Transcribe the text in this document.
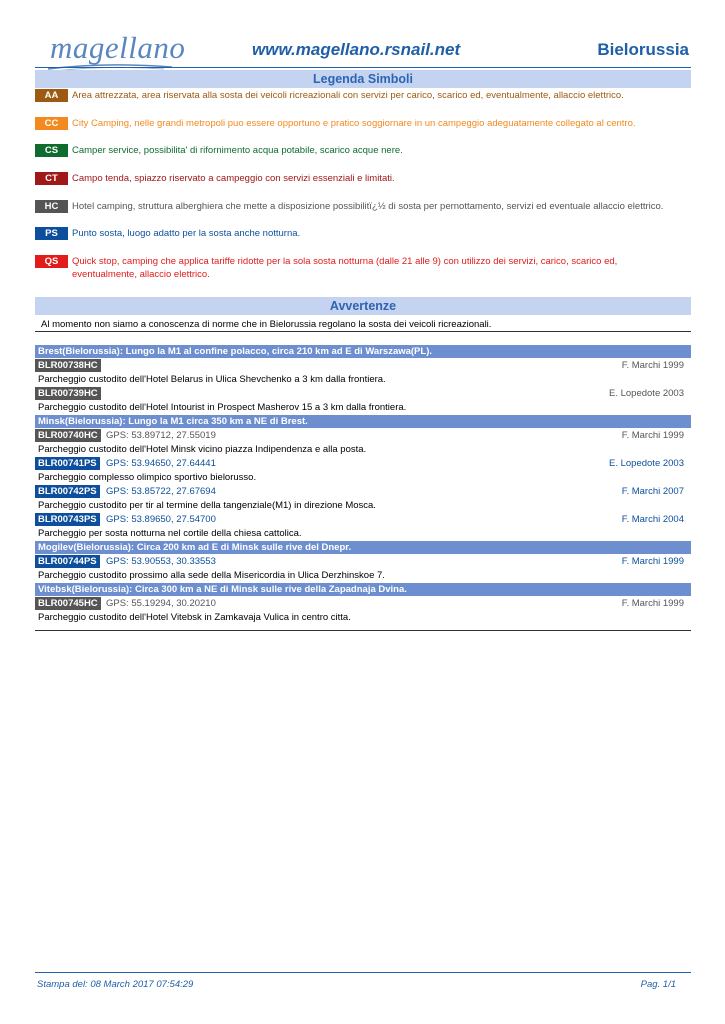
magellano	www.magellano.rsnail.net	Bielorussia
Legenda Simboli
AA	Area attrezzata, area riservata alla sosta dei veicoli ricreazionali con servizi per carico, scarico ed, eventualmente, allaccio elettrico.
CC	City Camping, nelle grandi metropoli puo essere opportuno e pratico soggiornare in un campeggio adeguatamente collegato al centro.
CS	Camper service, possibilita' di rifornimento acqua potabile, scarico acque nere.
CT	Campo tenda, spiazzo riservato a campeggio con servizi essenziali e limitati.
HC	Hotel camping, struttura alberghiera che mette a disposizione possibilitï¿½ di sosta per pernottamento, servizi ed eventuale allaccio elettrico.
PS	Punto sosta, luogo adatto per la sosta anche notturna.
QS	Quick stop, camping che applica tariffe ridotte per la sola sosta notturna (dalle 21 alle 9) con utilizzo dei servizi, carico, scarico ed, eventualmente, allaccio elettrico.
Avvertenze
Al momento non siamo a conoscenza di norme che in Bielorussia regolano la sosta dei veicoli ricreazionali.
Brest(Bielorussia): Lungo la M1 al confine polacco, circa 210 km ad E di Warszawa(PL).
BLR00738HC	F. Marchi 1999
Parcheggio custodito dell'Hotel Belarus in Ulica Shevchenko a 3 km dalla frontiera.
BLR00739HC	E. Lopedote 2003
Parcheggio custodito dell'Hotel Intourist in Prospect Masherov 15 a 3 km dalla frontiera.
Minsk(Bielorussia): Lungo la M1 circa 350 km a NE di Brest.
BLR00740HC GPS: 53.89712, 27.55019	F. Marchi 1999
Parcheggio custodito dell'Hotel Minsk vicino piazza Indipendenza e alla posta.
BLR00741PS GPS: 53.94650, 27.64441	E. Lopedote 2003
Parcheggio complesso olimpico sportivo bielorusso.
BLR00742PS GPS: 53.85722, 27.67694	F. Marchi 2007
Parcheggio custodito per tir al termine della tangenziale(M1) in direzione Mosca.
BLR00743PS GPS: 53.89650, 27.54700	F. Marchi 2004
Parcheggio per sosta notturna nel cortile della chiesa cattolica.
Mogilev(Bielorussia): Circa 200 km ad E di Minsk sulle rive del Dnepr.
BLR00744PS GPS: 53.90553, 30.33553	F. Marchi 1999
Parcheggio custodito prossimo alla sede della Misericordia in Ulica Derzhinskoe 7.
Vitebsk(Bielorussia): Circa 300 km a NE di Minsk sulle rive della Zapadnaja Dvina.
BLR00745HC GPS: 55.19294, 30.20210	F. Marchi 1999
Parcheggio custodito dell'Hotel Vitebsk in Zamkavaja Vulica in centro citta.
Stampa del: 08 March 2017 07:54:29	Pag. 1/1
